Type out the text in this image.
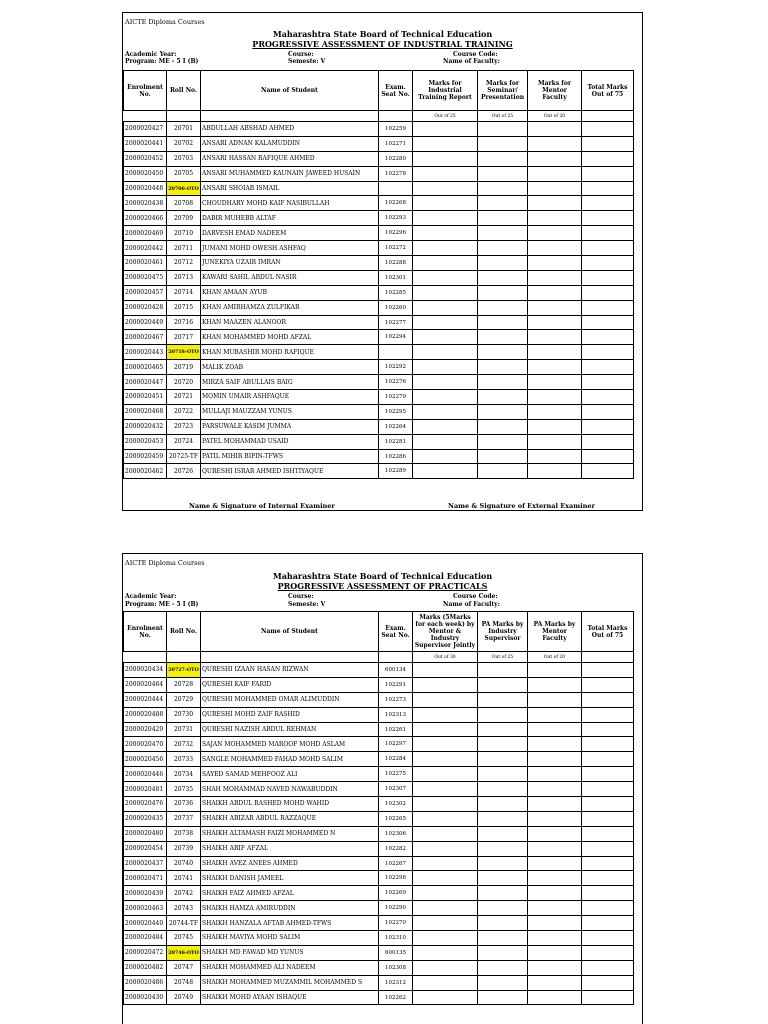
AICTE Diploma Courses
Maharashtra State Board of Technical Education
PROGRESSIVE ASSESSMENT OF INDUSTRIAL TRAINING
Academic Year:	Course:	Course Code:
Program: ME - 5 I (B)	Semeste: V	Name of Faculty:
Enrolment No.	Roll No.	Name of Student	Exam. Seat No.	Marks for Industrial Training Report	Marks for Seminar/ Presentation	Marks for Mentor Faculty	Total Marks Out of 75
				Out of 25	Out of 25	Out of 20	
2000020427	20701	ABDULLAH ABSHAD AHMED	102259				
2000020441	20702	ANSARI ADNAN KALAMUDDIN	102271				
2000020452	20703	ANSARI HASSAN RAFIQUE AHMED	102280				
2000020450	20705	ANSARI MUHAMMED KAUNAIN JAWEED HUSAIN	102278				
2000020448	20706-OTO	ANSARI SHOIAB ISMAIL					
2000020438	20708	CHOUDHARY MOHD KAIF NASIBULLAH	102268				
2000020466	20709	DABIR MUHEBB ALTAF	102293				
2000020469	20710	DARVESH EMAD NADEEM	102296				
2000020442	20711	JUMANI MOHD OWESH ASHFAQ	102272				
2000020461	20712	JUNEKIYA UZAIR IMRAN	102288				
2000020475	20713	KAWARI SAHIL ABDUL NASIR	102301				
2000020457	20714	KHAN AMAAN AYUB	102285				
2000020428	20715	KHAN AMIRHAMZA ZULFIKAR	102260				
2000020449	20716	KHAN MAAZEN ALANOOR	102277				
2000020467	20717	KHAN MOHAMMED MOHD AFZAL	102294				
2000020443	20718-OTO	KHAN MUBASHIR MOHD RAFIQUE					
2000020465	20719	MALIK ZOAB	102292				
2000020447	20720	MIRZA SAIF ABULLAIS BAIG	102276				
2000020451	20721	MOMIN UMAIR ASHFAQUE	102279				
2000020468	20722	MULLAJI MAUZZAM YUNUS	102295				
2000020432	20723	PARSUWALE KASIM JUMMA	102264				
2000020453	20724	PATEL MOHAMMAD USAID	102281				
2000020459	20725-TF	PATIL MIHIR BIPIN-TFWS	102286				
2000020462	20726	QURESHI ISRAR AHMED ISHTIYAQUE	102289				
Name & Signature of Internal Examiner	Name & Signature of External Examiner
AICTE Diploma Courses
Maharashtra State Board of Technical Education
PROGRESSIVE ASSESSMENT OF PRACTICALS
Academic Year:	Course:	Course Code:
Program: ME - 5 I (B)	Semeste: V	Name of Faculty:
Enrolment No.	Roll No.	Name of Student	Exam. Seat No.	Marks (5Marks for each week) by Mentor & Industry Supervisor Jointly	PA Marks by Industry Supervisor	PA Marks by Mentor Faculty	Total Marks Out of 75
				Out of 30	Out of 25	Out of 20	
2000020434	20727-OTO	QURESHI IZAAN HASAN RIZWAN	600134				
2000020464	20728	QURESHI KAIF FARID	102291				
2000020444	20729	QURESHI MOHAMMED OMAR ALIMUDDIN	102273				
2000020488	20730	QURESHI MOHD ZAIF RASHID	102313				
2000020429	20731	QURESHI NAZISH ABDUL REHMAN	102261				
2000020470	20732	SAJAN MOHAMMED MAROOF MOHD ASLAM	102297				
2000020456	20733	SANGLE MOHAMMED FAHAD MOHD SALIM	102284				
2000020446	20734	SAYED SAMAD MEHFOOZ ALI	102275				
2000020481	20735	SHAH MOHAMMAD NAVED NAWABUDDIN	102307				
2000020476	20736	SHAIKH ABDUL RASHED MOHD WAHID	102302				
2000020435	20737	SHAIKH ABIZAR ABDUL RAZZAQUE	102265				
2000020480	20738	SHAIKH ALTAMASH FAIZI MOHAMMED N	102306				
2000020454	20739	SHAIKH ARIF AFZAL	102282				
2000020437	20740	SHAIKH AVEZ ANEES AHMED	102267				
2000020471	20741	SHAIKH DANISH JAMEEL	102298				
2000020439	20742	SHAIKH FAIZ AHMED AFZAL	102269				
2000020463	20743	SHAIKH HAMZA AMIRUDDIN	102290				
2000020440	20744-TF	SHAIKH HANZALA AFTAB AHMED-TFWS	102270				
2000020484	20745	SHAIKH MAVIYA MOHD SALIM	102310				
2000020472	20746-OTO	SHAIKH MD FAWAD MD YUNUS	600135				
2000020482	20747	SHAIKH MOHAMMED ALI NADEEM	102308				
2000020486	20748	SHAIKH MOHAMMED MUZAMMIL MOHAMMED S	102312				
2000020430	20749	SHAIKH MOHD AYAAN ISHAQUE	102262				
